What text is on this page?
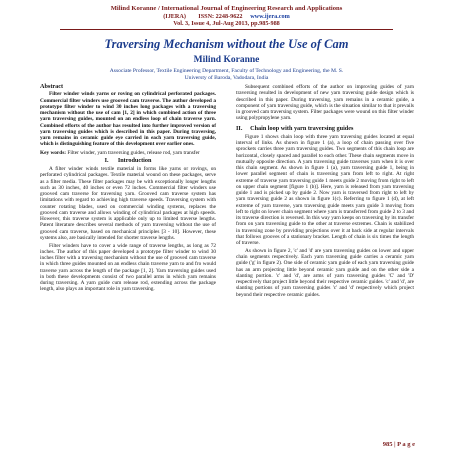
Milind Koranne / International Journal of Engineering Research and Applications
(IJERA)        ISSN: 2248-9622     www.ijera.com
Vol. 3, Issue 4, Jul-Aug 2013, pp.985-988
Traversing Mechanism without the Use of Cam
Milind Koranne
Associate Professor, Textile Engineering Department, Faculty of Technology and Engineering, the M. S.
Universty of Baroda, Vadodara, India
Abstract

Filter winder winds yarns or roving on cylindrical perforated packages. Commercial filter winders use grooved cam traverse. The author developed a prototype filter winder to wind 30 inches long packages with a traversing mechanism without the use of cam [1, 2] in which combined action of three yarn traversing guides, mounted on an endless loop of chain traverse yarn. Combined efforts of the author has resulted into further improved version of yarn traversing guides which is described in this paper. During traversing, yarn remains in ceramic guide eye carried in each yarn traversing guide, which is distinguishing feature of this development over earlier ones.

Key words: Filter winder, yarn traversing guides, release rod, yarn transfer

I.      Introduction

A filter winder winds textile material in forms like yarns or rovings, on perforated cylindrical packages. Textile material wound on these packages, serve as a filter media. These filter packages may be with exceptionally longer lengths such as 30 inches, 40 inches or even 72 inches. Commercial filter winders use grooved cam traverse for traversing yarn. Grooved cam traverse system has limitations with regard to achieving high traverse speeds. Traversing system with counter rotating blades, used on commercial winding systems, replaces the grooved cam traverse and allows winding of cylindrical packages at high speeds. However, this traverse system is applicable only up to limited traverse lengths. Patent literature describes several methods of yarn traversing without the use of grooved cam traverse, based on mechanical principles [3 - 10]. However, these systems also, are basically intended for shorter traverse lengths.

Filter winders have to cover a wide range of traverse lengths, as long as 72 inches. The author of this paper developed a prototype filter winder to wind 30 inches filter with a traversing mechanism without the use of grooved cam traverse in which three guides mounted on an endless chain traverse yarn to and fro would traverse yarn across the length of the package [1, 2]. Yarn traversing guides used in both these developments consist of two parallel arms in which yarn remains during traversing. A yarn guide cum release rod, extending across the package length, also plays an important role in yarn traversing.

Subsequent combined efforts of the author on improving guides of yarn traversing resulted in development of new yarn traversing guide design which is described in this paper. During traversing, yarn remains in a ceramic guide, a component of yarn traversing guide, which is the situation similar to that it prevails in grooved cam traversing system. Filter packages were wound on this filter winder using polypropylene yarn.

II.     Chain loop with yarn traversing guides

Figure 1 shows chain loop with three yarn traversing guides located at equal interval of links. As shown in figure 1 (a), a loop of chain passing over five sprockets carries three yarn traversing guides. Two segments of this chain loop are horizontal, closely spaced and parallel to each other. These chain segments move in mutually opposite direction. A yarn traversing guide traverses yarn when it is over this chain segment. As shown in figure 1 (a), yarn traversing guide 1, being in lower parallel segment of chain is traversing yarn from left to right. At right extreme of traverse yarn traversing guide 1 meets guide 2 moving from right to left on upper chain segment [figure 1 (b)]. Here, yarn is released from yarn traversing guide 1 and is picked up by guide 2. Now yarn is traversed from right to left by yarn traversing guide 2 as shown in figure 1(c). Referring to figure 1 (d), at left extreme of yarn traverse, yarn traversing guide meets yarn guide 3 moving from left to right on lower chain segment where yarn is transferred from guide 2 to 3 and its traverse direction is reversed. In this way yarn keeps on traversing by its transfer from on yarn traversing guide to the other at traverse extremes. Chain is stabilized in traversing zone by providing projections over it at back side at regular intervals that follows grooves of a stationary bracket. Length of chain is six times the length of traverse.

As shown in figure 2, 'c' and 'd' are yarn traversing guides on lower and upper chain segments respectively. Each yarn traversing guide carries a ceramic yarn guide ('g' in figure 2). One side of ceramic yarn guide of each yarn traversing guide has an arm projecting little beyond ceramic yarn guide and on the other side a slanting portion. 'c' and 'd', are arms of yarn traversing guides 'C' and 'D' respectively that project little beyond their respective ceramic guides. 'c' and 'd', are slanting portions of yarn traversing guides 'c' and 'd' respectively which project beyond their respective ceramic guides.

985 | P a g e
